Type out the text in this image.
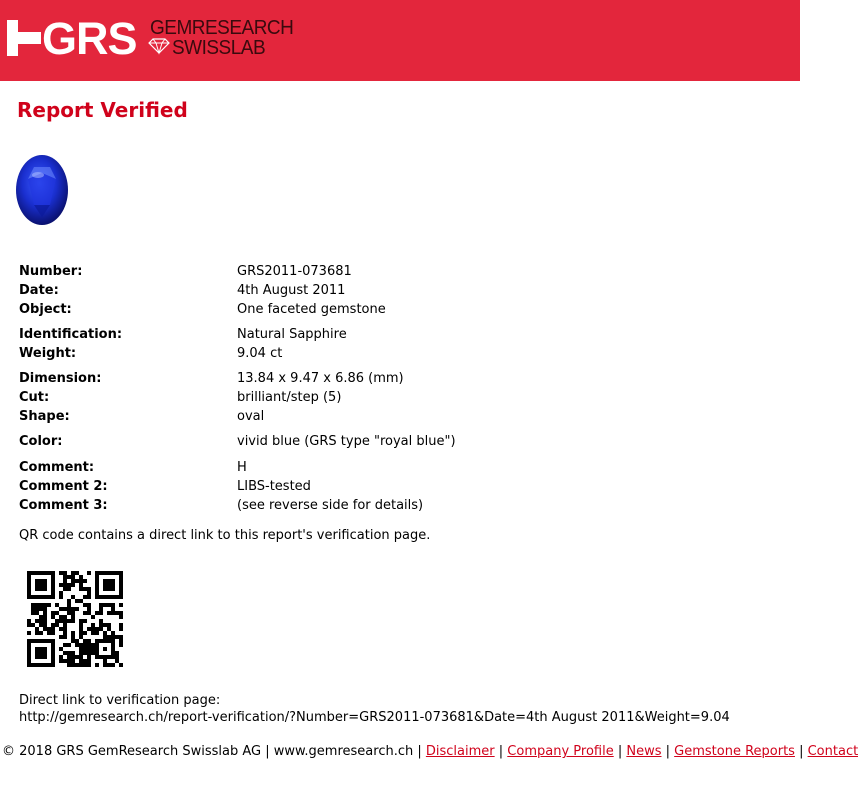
GRS GEMRESEARCH
SWISSLAB
Report Verified
Number:	GRS2011-073681
Date:	4th August 2011
Object:	One faceted gemstone
Identification:	Natural Sapphire
Weight:	9.04 ct
Dimension:	13.84 x 9.47 x 6.86 (mm)
Cut:	brilliant/step (5)
Shape:	oval
Color:	vivid blue (GRS type "royal blue")
Comment:	H
Comment 2:	LIBS-tested
Comment 3:	(see reverse side for details)
QR code contains a direct link to this report's verification page.
Direct link to verification page:
http://gemresearch.ch/report-verification/?Number=GRS2011-073681&Date=4th August 2011&Weight=9.04
© 2018 GRS GemResearch Swisslab AG | www.gemresearch.ch | Disclaimer | Company Profile | News | Gemstone Reports | Contact
